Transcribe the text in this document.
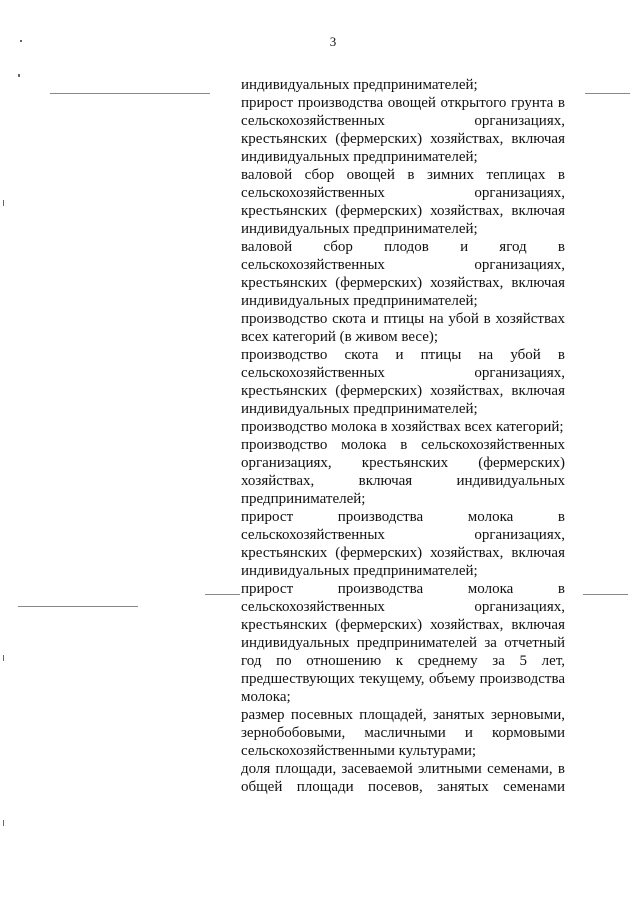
3

индивидуальных предпринимателей;

прирост производства овощей открытого грунта в сельскохозяйственных организациях, крестьянских (фермерских) хозяйствах, включая индивидуальных предпринимателей;

валовой сбор овощей в зимних теплицах в сельскохозяйственных организациях, крестьянских (фермерских) хозяйствах, включая индивидуальных предпринимателей;

валовой сбор плодов и ягод в сельскохозяйственных организациях, крестьянских (фермерских) хозяйствах, включая индивидуальных предпринимателей;

производство скота и птицы на убой в хозяйствах всех категорий (в живом весе);

производство скота и птицы на убой в сельскохозяйственных организациях, крестьянских (фермерских) хозяйствах, включая индивидуальных предпринимателей;

производство молока в хозяйствах всех категорий;

производство молока в сельскохозяйственных организациях, крестьянских (фермерских) хозяйствах, включая индивидуальных предпринимателей;

прирост производства молока в сельскохозяйственных организациях, крестьянских (фермерских) хозяйствах, включая индивидуальных предпринимателей;

прирост производства молока в сельскохозяйственных организациях, крестьянских (фермерских) хозяйствах, включая индивидуальных предпринимателей за отчетный год по отношению к среднему за 5 лет, предшествующих текущему, объему производства молока;

размер посевных площадей, занятых зерновыми, зернобобовыми, масличными и кормовыми сельскохозяйственными культурами;

доля площади, засеваемой элитными семенами, в общей площади посевов, занятых семенами
